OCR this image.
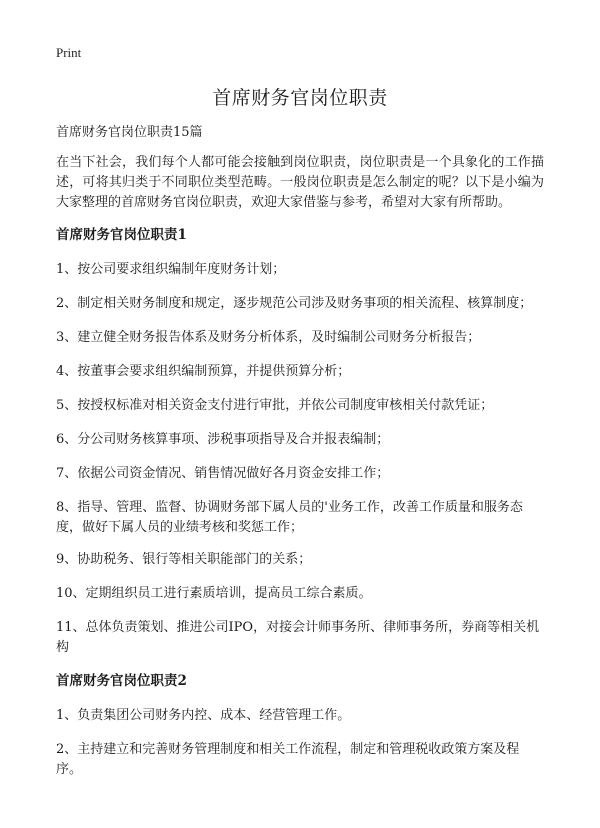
Print
首席财务官岗位职责

首席财务官岗位职责15篇

在当下社会，我们每个人都可能会接触到岗位职责，岗位职责是一个具象化的工作描述，可将其归类于不同职位类型范畴。一般岗位职责是怎么制定的呢？以下是小编为大家整理的首席财务官岗位职责，欢迎大家借鉴与参考，希望对大家有所帮助。

首席财务官岗位职责1

1、按公司要求组织编制年度财务计划；

2、制定相关财务制度和规定，逐步规范公司涉及财务事项的相关流程、核算制度；

3、建立健全财务报告体系及财务分析体系，及时编制公司财务分析报告；

4、按董事会要求组织编制预算，并提供预算分析；

5、按授权标准对相关资金支付进行审批，并依公司制度审核相关付款凭证；

6、分公司财务核算事项、涉税事项指导及合并报表编制；

7、依据公司资金情况、销售情况做好各月资金安排工作；

8、指导、管理、监督、协调财务部下属人员的'业务工作，改善工作质量和服务态度，做好下属人员的业绩考核和奖惩工作；

9、协助税务、银行等相关职能部门的关系；

10、定期组织员工进行素质培训，提高员工综合素质。

11、总体负责策划、推进公司IPO，对接会计师事务所、律师事务所，券商等相关机构

首席财务官岗位职责2

1、负责集团公司财务内控、成本、经营管理工作。

2、主持建立和完善财务管理制度和相关工作流程，制定和管理税收政策方案及程序。
